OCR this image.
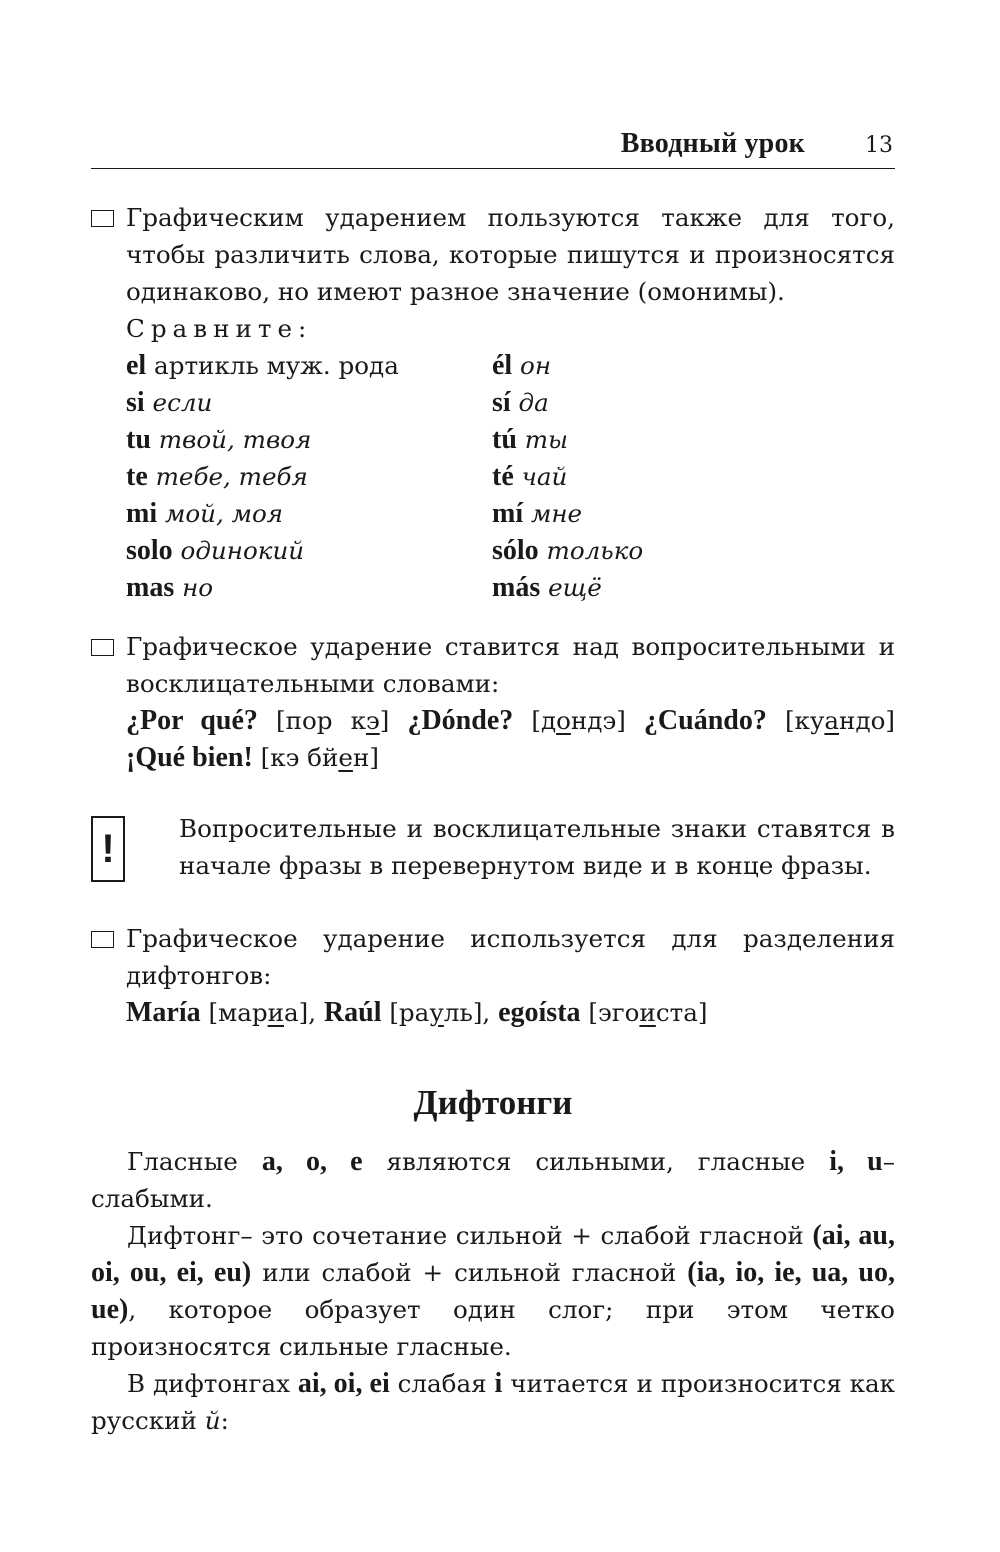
Вводный урок	13
Графическим ударением пользуются также для того, чтобы различить слова, которые пишутся и произносятся одинаково, но имеют разное значение (омонимы).
Сравните:
el артикль муж. рода	él он
si если	sí да
tu твой, твоя	tú ты
te тебе, тебя	té чай
mi мой, моя	mí мне
solo одинокий	sólo только
mas но	más ещё
Графическое ударение ставится над вопросительными и восклицательными словами:
¿Por qué? [пор кэ] ¿Dónde? [дондэ] ¿Cuándo? [куандо]
¡Qué bien! [кэ бйен]
!	Вопросительные и восклицательные знаки ставятся в начале фразы в перевернутом виде и в конце фразы.
Графическое ударение используется для разделения дифтонгов:
María [мариа], Raúl [рауль], egoísta [эгоиста]
Дифтонги
Гласные a, o, e являются сильными, гласные i, u– слабыми.
Дифтонг– это сочетание сильной + слабой гласной (ai, au, oi, ou, ei, eu) или слабой + сильной гласной (ia, io, ie, ua, uo, ue), которое образует один слог; при этом четко произносятся сильные гласные.
В дифтонгах ai, oi, ei слабая i читается и произносится как русский й:
